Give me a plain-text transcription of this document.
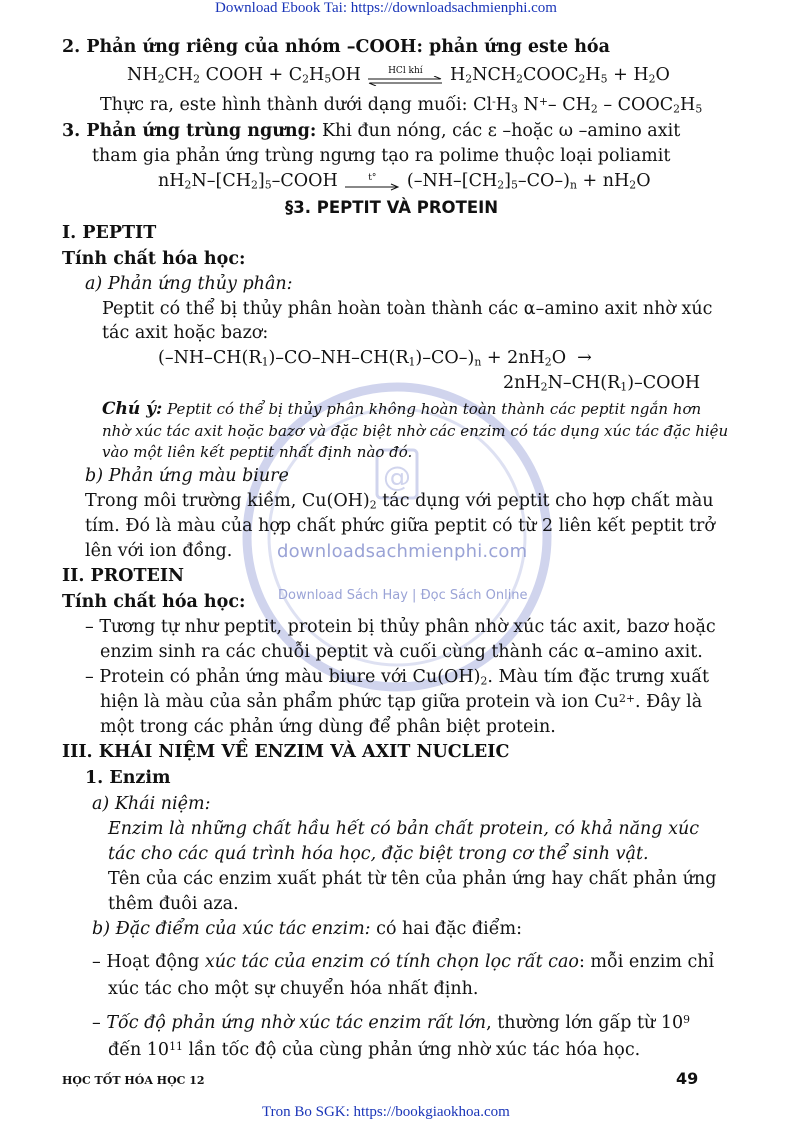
@
downloadsachmienphi.com
Download Sách Hay | Đọc Sách Online
Download Ebook Tai: https://downloadsachmienphi.com
2. Phản ứng riêng của nhóm –COOH: phản ứng este hóa
$NH_2CH_2$ COOH + $C_2H_5OH$	HCl khí	$H_2NCH_2COOC_2H_5 + H_2O$
Thực ra, este hình thành dưới dạng muối: $Cl^-H_3$ N+– $CH_2$ – $COOC_2H_5$
3. Phản ứng trùng ngưng: Khi đun nóng, các ε –hoặc ω –amino axit
tham gia phản ứng trùng ngưng tạo ra polime thuộc loại poliamit
$nH_2N-[CH_2]_5$–COOH	t°	$(-NH-[CH_2]_5-CO-)_n + nH_2O$
§3. PEPTIT VÀ PROTEIN
I. PEPTIT
Tính chất hóa học:
a) Phản ứng thủy phân:
Peptit có thể bị thủy phân hoàn toàn thành các α–amino axit nhờ xúc
tác axit hoặc bazơ:
$(-NH-CH(R_1)-CO-NH-CH(R_1)-CO-)_n + 2nH_2O$  →
$2nH_2N-CH(R_1)$–COOH
Chú ý: Peptit có thể bị thủy phân không hoàn toàn thành các peptit ngắn hơn
nhờ xúc tác axit hoặc bazơ và đặc biệt nhờ các enzim có tác dụng xúc tác đặc hiệu
vào một liên kết peptit nhất định nào đó.
b) Phản ứng màu biure
Trong môi trường kiềm, $Cu(OH)_2$ tác dụng với peptit cho hợp chất màu
tím. Đó là màu của hợp chất phức giữa peptit có từ 2 liên kết peptit trở
lên với ion đồng.
II. PROTEIN
Tính chất hóa học:
– Tương tự như peptit, protein bị thủy phân nhờ xúc tác axit, bazơ hoặc
enzim sinh ra các chuỗi peptit và cuối cùng thành các α–amino axit.
– Protein có phản ứng màu biure với $Cu(OH)_2$. Màu tím đặc trưng xuất
hiện là màu của sản phẩm phức tạp giữa protein và ion $Cu^{2+}$. Đây là
một trong các phản ứng dùng để phân biệt protein.
III. KHÁI NIỆM VỀ ENZIM VÀ AXIT NUCLEIC
1. Enzim
a) Khái niệm:
Enzim là những chất hầu hết có bản chất protein, có khả năng xúc
tác cho các quá trình hóa học, đặc biệt trong cơ thể sinh vật.
Tên của các enzim xuất phát từ tên của phản ứng hay chất phản ứng
thêm đuôi aza.
b) Đặc điểm của xúc tác enzim: có hai đặc điểm:
– Hoạt động xúc tác của enzim có tính chọn lọc rất cao: mỗi enzim chỉ
xúc tác cho một sự chuyển hóa nhất định.
– Tốc độ phản ứng nhờ xúc tác enzim rất lớn, thường lớn gấp từ $10^9$
đến $10^{11}$ lần tốc độ của cùng phản ứng nhờ xúc tác hóa học.
HỌC TỐT HÓA HỌC 12	49
Tron Bo SGK: https://bookgiaokhoa.com
